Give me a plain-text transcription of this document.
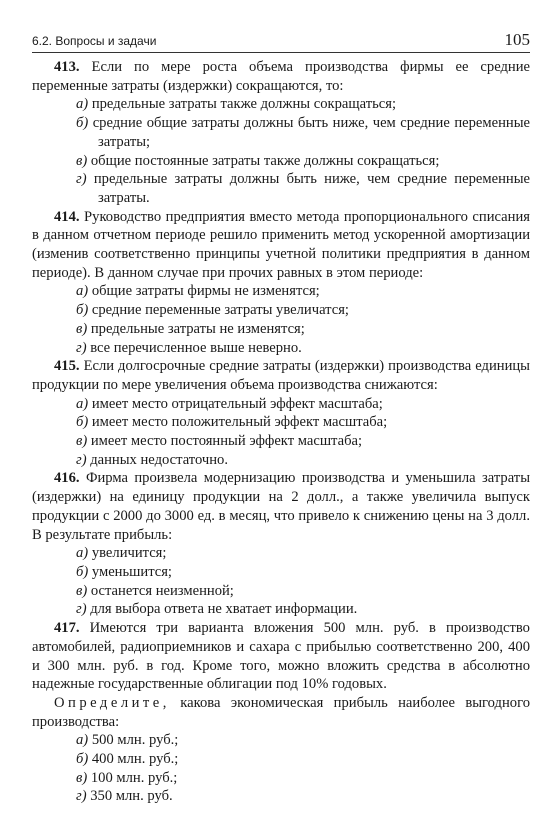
6.2. Вопросы и задачи	105

413. Если по мере роста объема производства фирмы ее средние переменные затраты (издержки) сокращаются, то:

а) предельные затраты также должны сокращаться;

б) средние общие затраты должны быть ниже, чем средние переменные затраты;

в) общие постоянные затраты также должны сокращаться;

г) предельные затраты должны быть ниже, чем средние переменные затраты.

414. Руководство предприятия вместо метода пропорционального списания в данном отчетном периоде решило применить метод ускоренной амортизации (изменив соответственно принципы учетной политики предприятия в данном периоде). В данном случае при прочих равных в этом периоде:

а) общие затраты фирмы не изменятся;

б) средние переменные затраты увеличатся;

в) предельные затраты не изменятся;

г) все перечисленное выше неверно.

415. Если долгосрочные средние затраты (издержки) производства единицы продукции по мере увеличения объема производства снижаются:

а) имеет место отрицательный эффект масштаба;

б) имеет место положительный эффект масштаба;

в) имеет место постоянный эффект масштаба;

г) данных недостаточно.

416. Фирма произвела модернизацию производства и уменьшила затраты (издержки) на единицу продукции на 2 долл., а также увеличила выпуск продукции с 2000 до 3000 ед. в месяц, что привело к снижению цены на 3 долл. В результате прибыль:

а) увеличится;

б) уменьшится;

в) останется неизменной;

г) для выбора ответа не хватает информации.

417. Имеются три варианта вложения 500 млн. руб. в производство автомобилей, радиоприемников и сахара с прибылью соответственно 200, 400 и 300 млн. руб. в год. Кроме того, можно вложить средства в абсолютно надежные государственные облигации под 10% годовых.

Определите, какова экономическая прибыль наиболее выгодного производства:

а) 500 млн. руб.;

б) 400 млн. руб.;

в) 100 млн. руб.;

г) 350 млн. руб.
